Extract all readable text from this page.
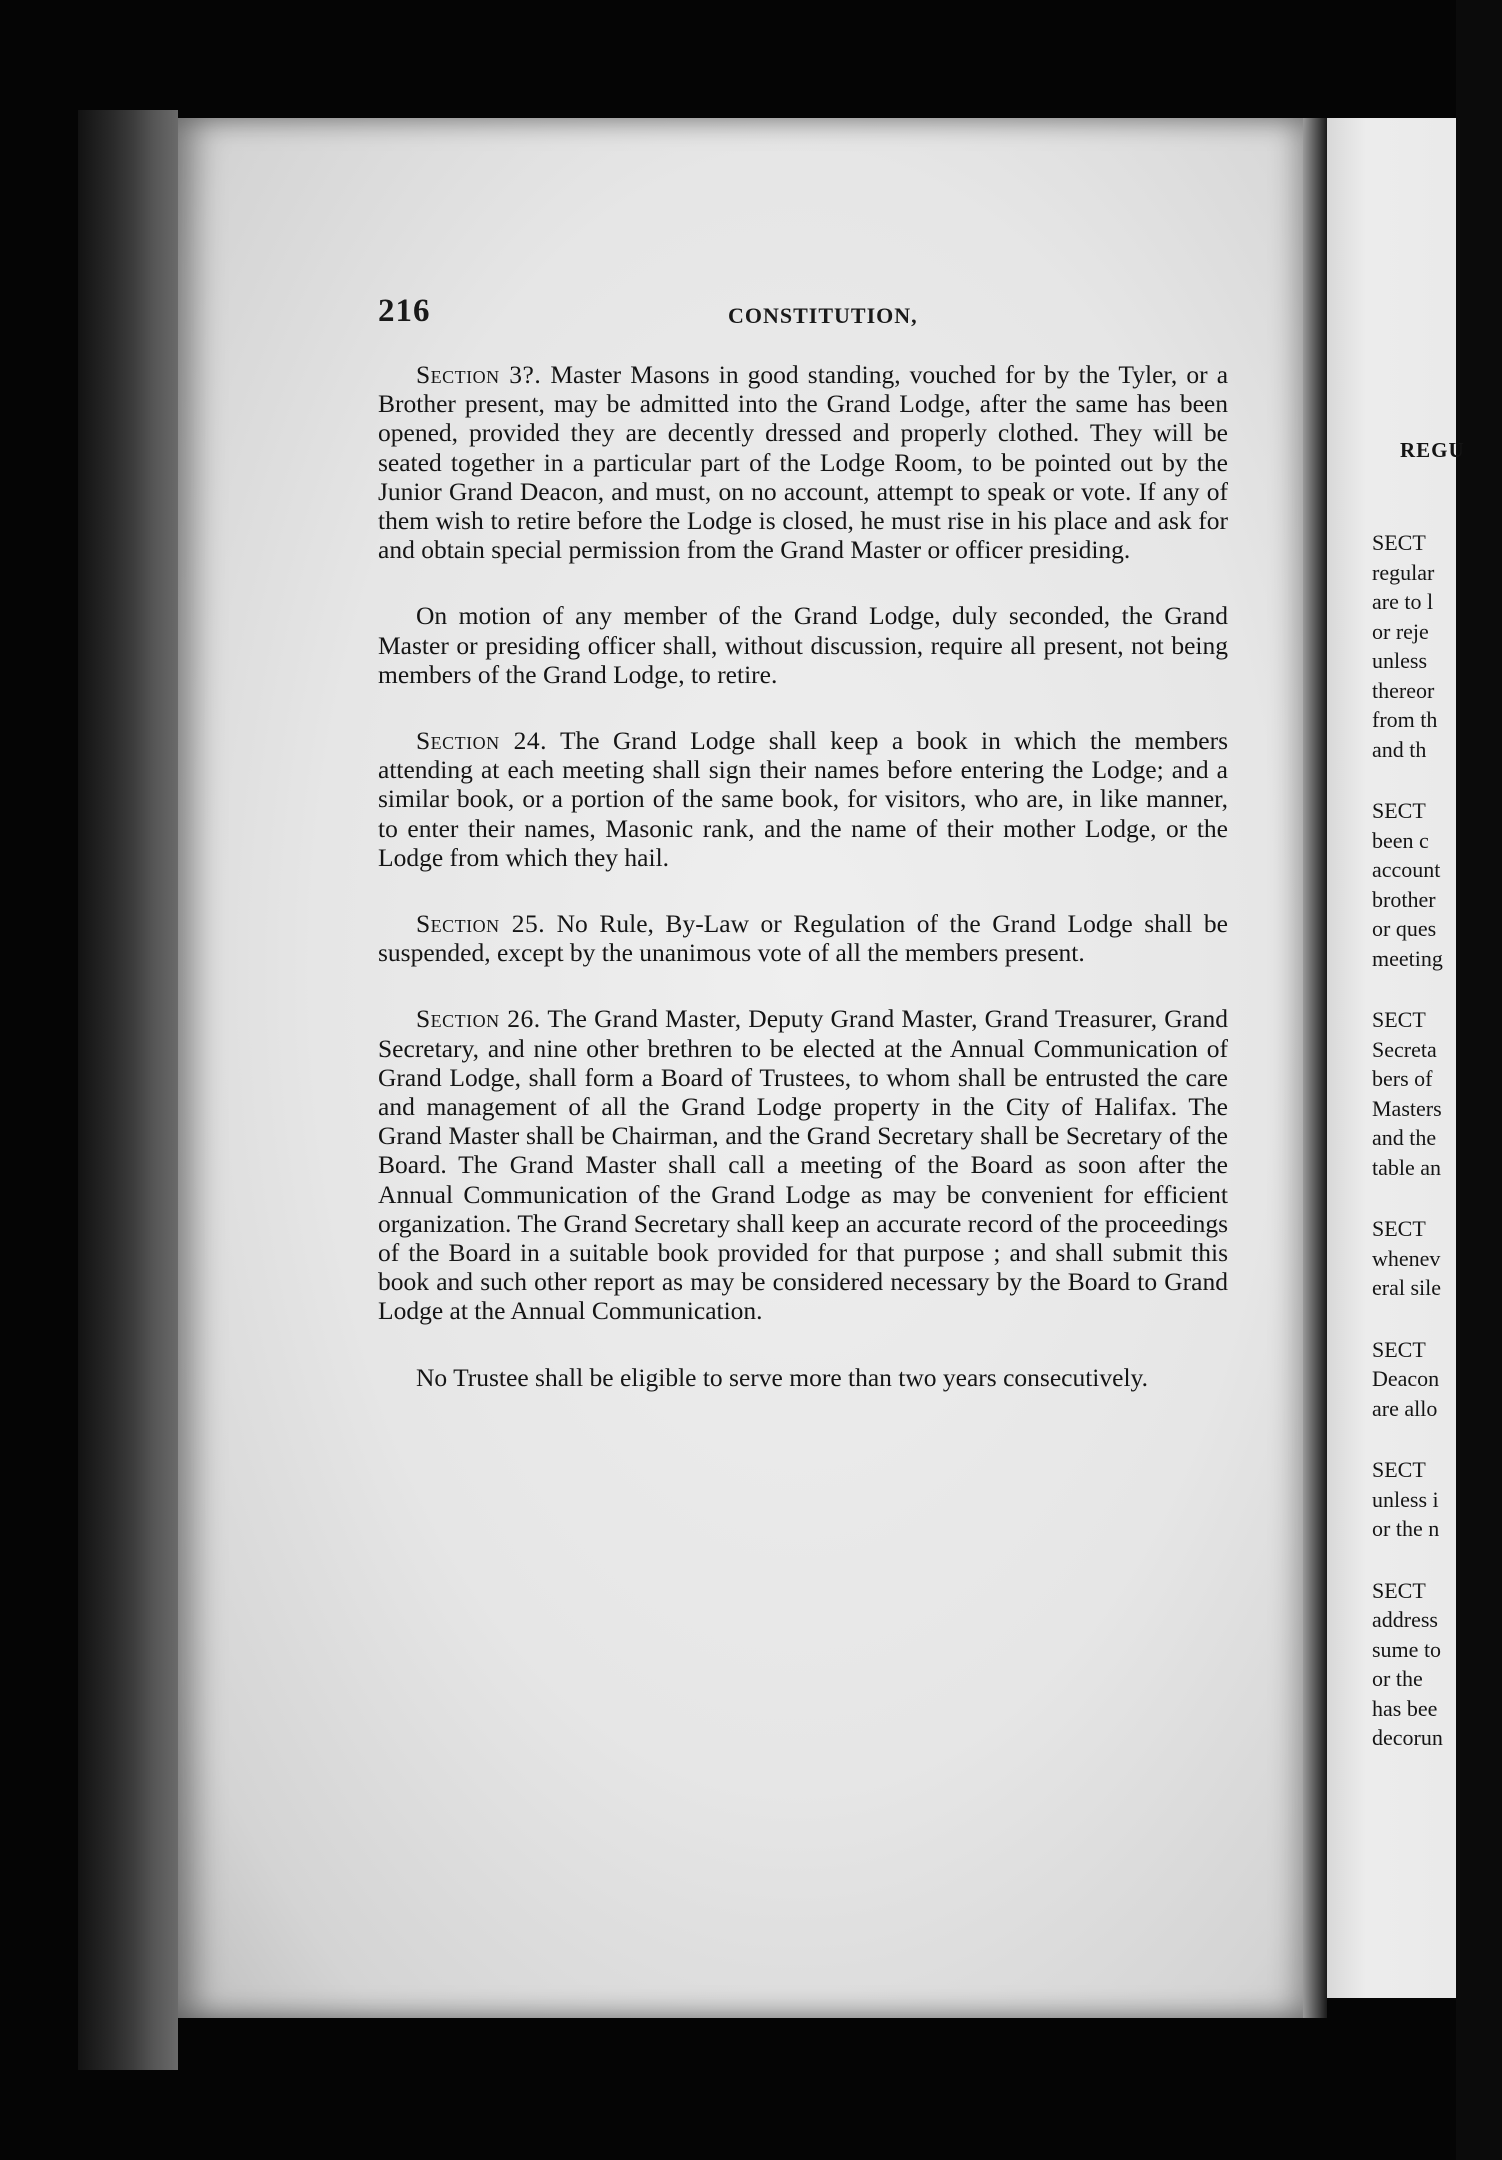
216	CONSTITUTION,

Section 3?. Master Masons in good standing, vouched for by the Tyler, or a Brother present, may be admitted into the Grand Lodge, after the same has been opened, provided they are decently dressed and properly clothed. They will be seated together in a particular part of the Lodge Room, to be pointed out by the Junior Grand Deacon, and must, on no account, attempt to speak or vote. If any of them wish to retire before the Lodge is closed, he must rise in his place and ask for and obtain special permission from the Grand Master or officer presiding.

On motion of any member of the Grand Lodge, duly seconded, the Grand Master or presiding officer shall, without discussion, require all present, not being members of the Grand Lodge, to retire.

Section 24. The Grand Lodge shall keep a book in which the members attending at each meeting shall sign their names before entering the Lodge; and a similar book, or a portion of the same book, for visitors, who are, in like manner, to enter their names, Masonic rank, and the name of their mother Lodge, or the Lodge from which they hail.

Section 25. No Rule, By-Law or Regulation of the Grand Lodge shall be suspended, except by the unanimous vote of all the members present.

Section 26. The Grand Master, Deputy Grand Master, Grand Treasurer, Grand Secretary, and nine other brethren to be elected at the Annual Communication of Grand Lodge, shall form a Board of Trustees, to whom shall be entrusted the care and management of all the Grand Lodge property in the City of Halifax. The Grand Master shall be Chairman, and the Grand Secretary shall be Secretary of the Board. The Grand Master shall call a meeting of the Board as soon after the Annual Communication of the Grand Lodge as may be convenient for efficient organization. The Grand Secretary shall keep an accurate record of the proceedings of the Board in a suitable book provided for that purpose ; and shall submit this book and such other report as may be considered necessary by the Board to Grand Lodge at the Annual Communication.

No Trustee shall be eligible to serve more than two years consecutively.

REGU
SECT
regular
are to l
or reje
unless
thereor
from th
and th
SECT
been c
account
brother
or ques
meeting
SECT
Secreta
bers of
Masters
and the
table an
SECT
whenev
eral sile
SECT
Deacon
are allo
SECT
unless i
or the n
SECT
address
sume to
or the
has bee
decorun
